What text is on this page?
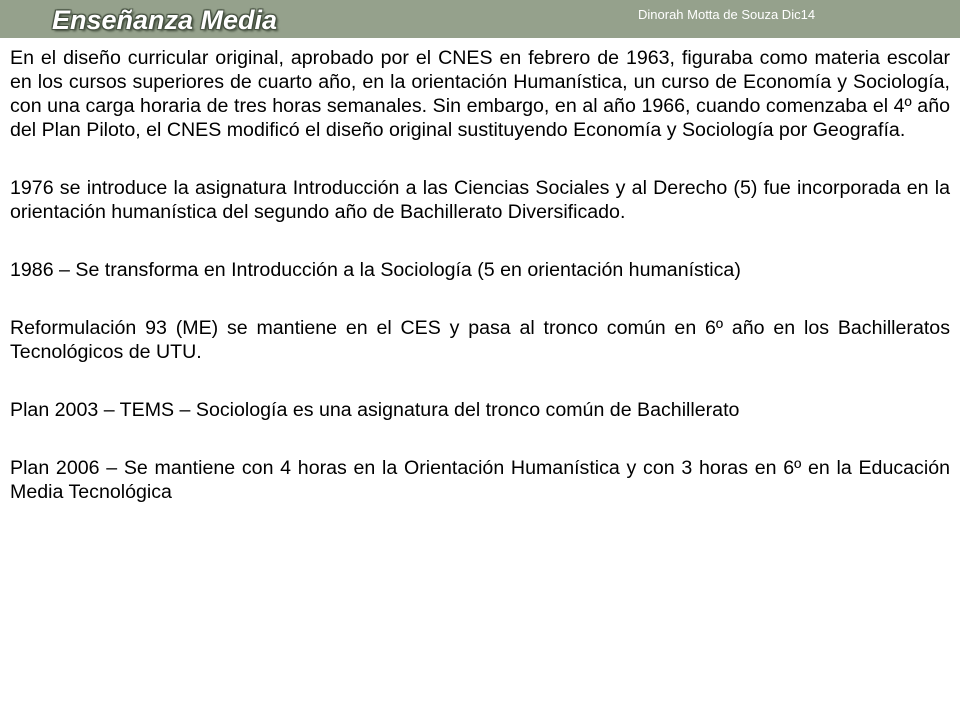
Enseñanza Media	Dinorah Motta de Souza Dic14

En el diseño curricular original, aprobado por el CNES en febrero de 1963, figuraba como materia escolar en los cursos superiores de cuarto año, en la orientación Humanística, un curso de Economía y Sociología, con una carga horaria de tres horas semanales. Sin embargo, en al año 1966, cuando comenzaba el 4º año del Plan Piloto, el CNES modificó el diseño original sustituyendo Economía y Sociología por Geografía.

1976 se introduce la asignatura Introducción a las Ciencias Sociales y al Derecho (5) fue incorporada en la orientación humanística del segundo año de Bachillerato Diversificado.

1986 – Se transforma en Introducción a la Sociología (5 en orientación humanística)

Reformulación 93 (ME) se mantiene en el CES y pasa al tronco común en 6º año en los Bachilleratos Tecnológicos de UTU.

Plan 2003 – TEMS – Sociología es una asignatura del tronco común de Bachillerato

Plan 2006 – Se mantiene con 4 horas en la Orientación Humanística y con 3 horas en 6º en la Educación Media Tecnológica
